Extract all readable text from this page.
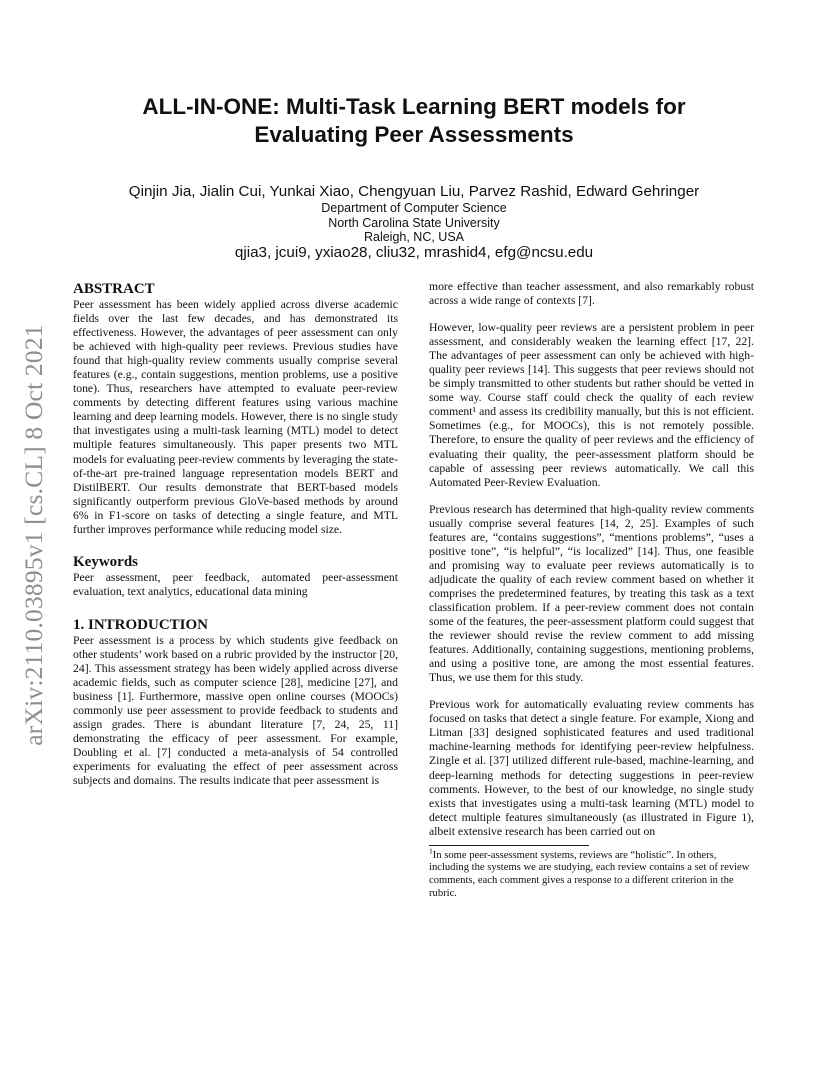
arXiv:2110.03895v1 [cs.CL] 8 Oct 2021
ALL-IN-ONE: Multi-Task Learning BERT models for
Evaluating Peer Assessments
Qinjin Jia, Jialin Cui, Yunkai Xiao, Chengyuan Liu, Parvez Rashid, Edward Gehringer
Department of Computer Science
North Carolina State University
Raleigh, NC, USA
qjia3, jcui9, yxiao28, cliu32, mrashid4, efg@ncsu.edu
ABSTRACT

Peer assessment has been widely applied across diverse academic fields over the last few decades, and has demonstrated its effectiveness. However, the advantages of peer assessment can only be achieved with high-quality peer reviews. Previous studies have found that high-quality review comments usually comprise several features (e.g., contain suggestions, mention problems, use a positive tone). Thus, researchers have attempted to evaluate peer-review comments by detecting different features using various machine learning and deep learning models. However, there is no single study that investigates using a multi-task learning (MTL) model to detect multiple features simultaneously. This paper presents two MTL models for evaluating peer-review comments by leveraging the state-of-the-art pre-trained language representation models BERT and DistilBERT. Our results demonstrate that BERT-based models significantly outperform previous GloVe-based methods by around 6% in F1-score on tasks of detecting a single feature, and MTL further improves performance while reducing model size.

Keywords

Peer assessment, peer feedback, automated peer-assessment evaluation, text analytics, educational data mining

1. INTRODUCTION

Peer assessment is a process by which students give feedback on other students’ work based on a rubric provided by the instructor [20, 24]. This assessment strategy has been widely applied across diverse academic fields, such as computer science [28], medicine [27], and business [1]. Furthermore, massive open online courses (MOOCs) commonly use peer assessment to provide feedback to students and assign grades. There is abundant literature [7, 24, 25, 11] demonstrating the efficacy of peer assessment. For example, Doubling et al. [7] conducted a meta-analysis of 54 controlled experiments for evaluating the effect of peer assessment across subjects and domains. The results indicate that peer assessment is

more effective than teacher assessment, and also remarkably robust across a wide range of contexts [7].

However, low-quality peer reviews are a persistent problem in peer assessment, and considerably weaken the learning effect [17, 22]. The advantages of peer assessment can only be achieved with high-quality peer reviews [14]. This suggests that peer reviews should not be simply transmitted to other students but rather should be vetted in some way. Course staff could check the quality of each review comment¹ and assess its credibility manually, but this is not efficient. Sometimes (e.g., for MOOCs), this is not remotely possible. Therefore, to ensure the quality of peer reviews and the efficiency of evaluating their quality, the peer-assessment platform should be capable of assessing peer reviews automatically. We call this Automated Peer-Review Evaluation.

Previous research has determined that high-quality review comments usually comprise several features [14, 2, 25]. Examples of such features are, “contains suggestions”, “mentions problems”, “uses a positive tone”, “is helpful”, “is localized” [14]. Thus, one feasible and promising way to evaluate peer reviews automatically is to adjudicate the quality of each review comment based on whether it comprises the predetermined features, by treating this task as a text classification problem. If a peer-review comment does not contain some of the features, the peer-assessment platform could suggest that the reviewer should revise the review comment to add missing features. Additionally, containing suggestions, mentioning problems, and using a positive tone, are among the most essential features. Thus, we use them for this study.

Previous work for automatically evaluating review comments has focused on tasks that detect a single feature. For example, Xiong and Litman [33] designed sophisticated features and used traditional machine-learning methods for identifying peer-review helpfulness. Zingle et al. [37] utilized different rule-based, machine-learning, and deep-learning methods for detecting suggestions in peer-review comments. However, to the best of our knowledge, no single study exists that investigates using a multi-task learning (MTL) model to detect multiple features simultaneously (as illustrated in Figure 1), albeit extensive research has been carried out on

$^1$In some peer-assessment systems, reviews are “holistic”. In others, including the systems we are studying, each review contains a set of review comments, each comment gives a response to a different criterion in the rubric.
